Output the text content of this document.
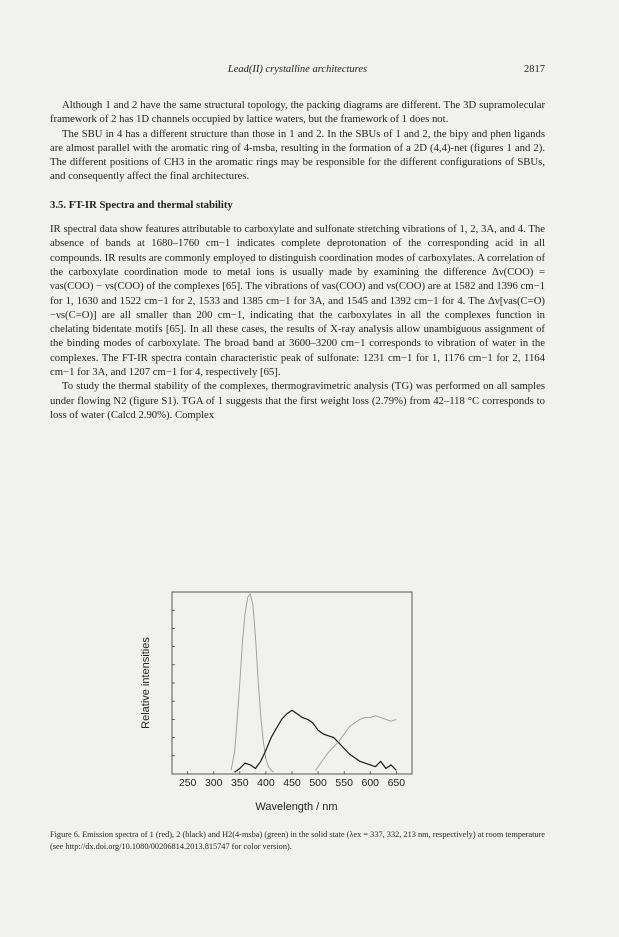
Lead(II) crystalline architectures	2817

Although 1 and 2 have the same structural topology, the packing diagrams are different. The 3D supramolecular framework of 2 has 1D channels occupied by lattice waters, but the framework of 1 does not.

The SBU in 4 has a different structure than those in 1 and 2. In the SBUs of 1 and 2, the bipy and phen ligands are almost parallel with the aromatic ring of 4-msba, resulting in the formation of a 2D (4,4)-net (figures 1 and 2). The different positions of CH3 in the aromatic rings may be responsible for the different configurations of SBUs, and consequently affect the final architectures.

3.5. FT-IR Spectra and thermal stability

IR spectral data show features attributable to carboxylate and sulfonate stretching vibrations of 1, 2, 3A, and 4. The absence of bands at 1680–1760 cm−1 indicates complete deprotonation of the corresponding acid in all compounds. IR results are commonly employed to distinguish coordination modes of carboxylates. A correlation of the carboxylate coordination mode to metal ions is usually made by examining the difference Δν(COO) = νas(COO) − νs(COO) of the complexes [65]. The vibrations of νas(COO) and νs(COO) are at 1582 and 1396 cm−1 for 1, 1630 and 1522 cm−1 for 2, 1533 and 1385 cm−1 for 3A, and 1545 and 1392 cm−1 for 4. The Δν[νas(C=O)−νs(C=O)] are all smaller than 200 cm−1, indicating that the carboxylates in all the complexes function in chelating bidentate motifs [65]. In all these cases, the results of X-ray analysis allow unambiguous assignment of the binding modes of carboxylate. The broad band at 3600–3200 cm−1 corresponds to vibration of water in the complexes. The FT-IR spectra contain characteristic peak of sulfonate: 1231 cm−1 for 1, 1176 cm−1 for 2, 1164 cm−1 for 3A, and 1207 cm−1 for 4, respectively [65].

To study the thermal stability of the complexes, thermogravimetric analysis (TG) was performed on all samples under flowing N2 (figure S1). TGA of 1 suggests that the first weight loss (2.79%) from 42–118 °C corresponds to loss of water (Calcd 2.90%). Complex

Relative intensities
250 300 350 400 450 500 550 600 650
Wavelength / nm
Figure 6. Emission spectra of 1 (red), 2 (black) and H2(4-msba) (green) in the solid state (λex = 337, 332, 213 nm, respectively) at room temperature (see http://dx.doi.org/10.1080/00206814.2013.815747 for color version).
